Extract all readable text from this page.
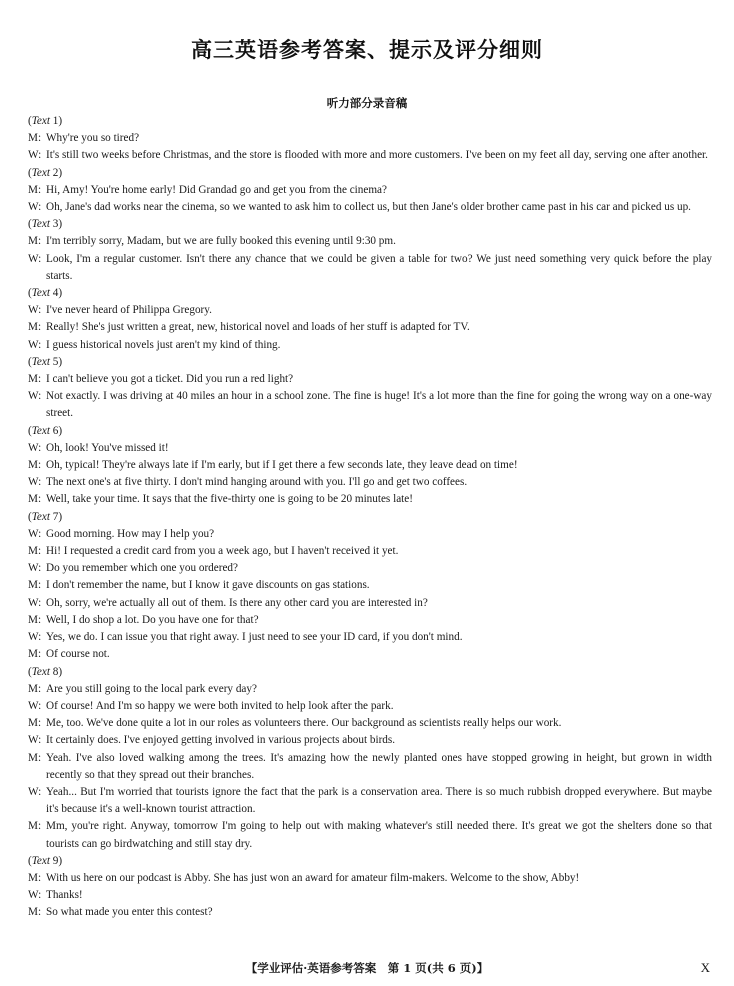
高三英语参考答案、提示及评分细则
听力部分录音稿
(Text 1)
M: Why're you so tired?
W: It's still two weeks before Christmas, and the store is flooded with more and more customers. I've been on my feet all day, serving one after another.
(Text 2)
M: Hi, Amy! You're home early! Did Grandad go and get you from the cinema?
W: Oh, Jane's dad works near the cinema, so we wanted to ask him to collect us, but then Jane's older brother came past in his car and picked us up.
(Text 3)
M: I'm terribly sorry, Madam, but we are fully booked this evening until 9:30 pm.
W: Look, I'm a regular customer. Isn't there any chance that we could be given a table for two? We just need something very quick before the play starts.
(Text 4)
W: I've never heard of Philippa Gregory.
M: Really! She's just written a great, new, historical novel and loads of her stuff is adapted for TV.
W: I guess historical novels just aren't my kind of thing.
(Text 5)
M: I can't believe you got a ticket. Did you run a red light?
W: Not exactly. I was driving at 40 miles an hour in a school zone. The fine is huge! It's a lot more than the fine for going the wrong way on a one-way street.
(Text 6)
W: Oh, look! You've missed it!
M: Oh, typical! They're always late if I'm early, but if I get there a few seconds late, they leave dead on time!
W: The next one's at five thirty. I don't mind hanging around with you. I'll go and get two coffees.
M: Well, take your time. It says that the five-thirty one is going to be 20 minutes late!
(Text 7)
W: Good morning. How may I help you?
M: Hi! I requested a credit card from you a week ago, but I haven't received it yet.
W: Do you remember which one you ordered?
M: I don't remember the name, but I know it gave discounts on gas stations.
W: Oh, sorry, we're actually all out of them. Is there any other card you are interested in?
M: Well, I do shop a lot. Do you have one for that?
W: Yes, we do. I can issue you that right away. I just need to see your ID card, if you don't mind.
M: Of course not.
(Text 8)
M: Are you still going to the local park every day?
W: Of course! And I'm so happy we were both invited to help look after the park.
M: Me, too. We've done quite a lot in our roles as volunteers there. Our background as scientists really helps our work.
W: It certainly does. I've enjoyed getting involved in various projects about birds.
M: Yeah. I've also loved walking among the trees. It's amazing how the newly planted ones have stopped growing in height, but grown in width recently so that they spread out their branches.
W: Yeah... But I'm worried that tourists ignore the fact that the park is a conservation area. There is so much rubbish dropped everywhere. But maybe it's because it's a well-known tourist attraction.
M: Mm, you're right. Anyway, tomorrow I'm going to help out with making whatever's still needed there. It's great we got the shelters done so that tourists can go birdwatching and still stay dry.
(Text 9)
M: With us here on our podcast is Abby. She has just won an award for amateur film-makers. Welcome to the show, Abby!
W: Thanks!
M: So what made you enter this contest?
【学业评估·英语参考答案　第 1 页(共 6 页)】	X
